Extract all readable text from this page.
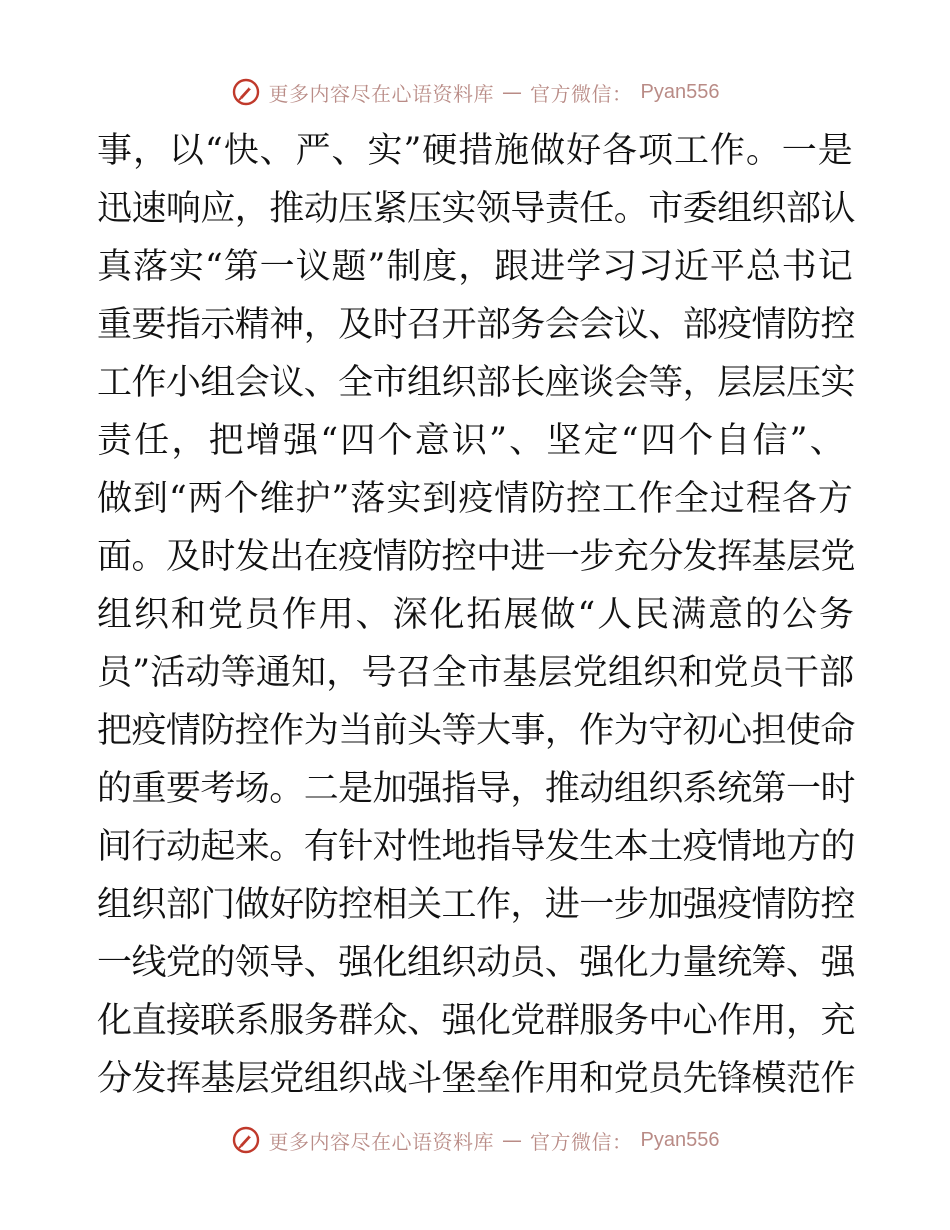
更多内容尽在心语资料库 — 官方微信： Pyan556
事，以“快、严、实”硬措施做好各项工作。一是
迅速响应，推动压紧压实领导责任。市委组织部认
真落实“第一议题”制度，跟进学习习近平总书记
重要指示精神，及时召开部务会会议、部疫情防控
工作小组会议、全市组织部长座谈会等，层层压实
责任，把增强“四个意识”、坚定“四个自信”、
做到“两个维护”落实到疫情防控工作全过程各方
面。及时发出在疫情防控中进一步充分发挥基层党
组织和党员作用、深化拓展做“人民满意的公务
员”活动等通知，号召全市基层党组织和党员干部
把疫情防控作为当前头等大事，作为守初心担使命
的重要考场。二是加强指导，推动组织系统第一时
间行动起来。有针对性地指导发生本土疫情地方的
组织部门做好防控相关工作，进一步加强疫情防控
一线党的领导、强化组织动员、强化力量统筹、强
化直接联系服务群众、强化党群服务中心作用，充
分发挥基层党组织战斗堡垒作用和党员先锋模范作
更多内容尽在心语资料库 — 官方微信： Pyan556
